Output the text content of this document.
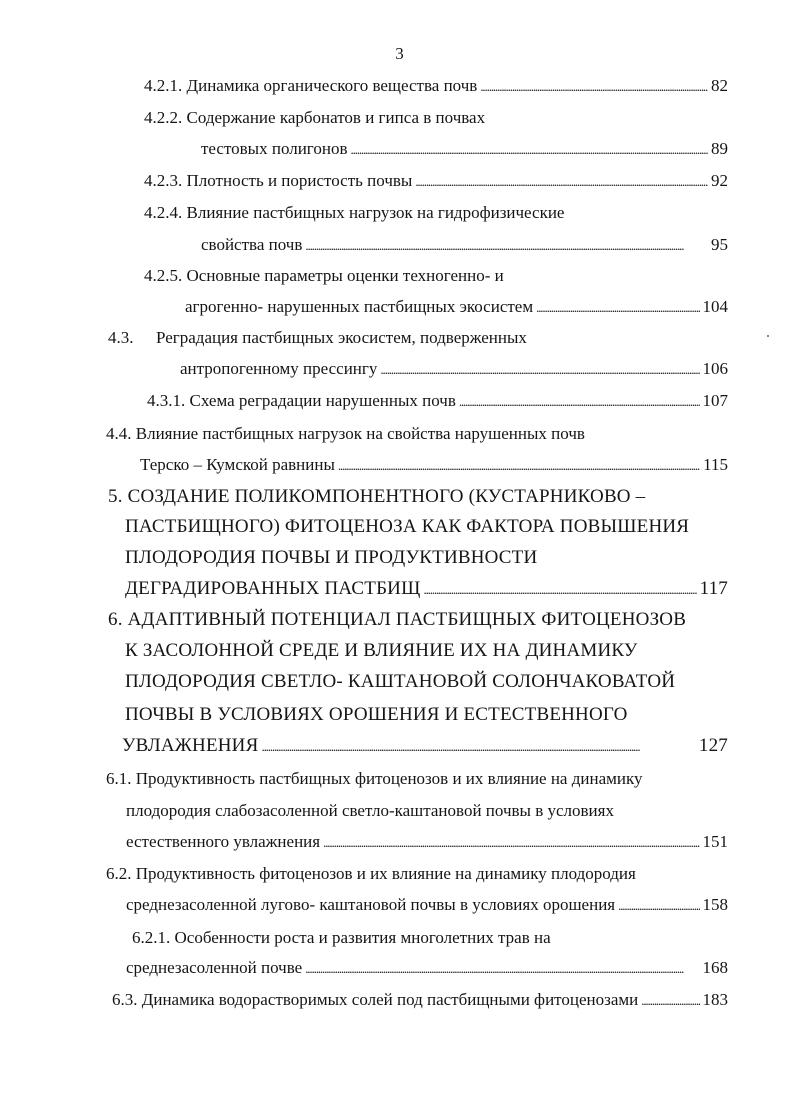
3
4.2.1. Динамика органического вещества почв . . .	82
4.2.2. Содержание карбонатов и гипса в почвах
тестовых полигонов . . .	89
4.2.3. Плотность и пористость почвы . . .	92
4.2.4. Влияние пастбищных нагрузок на гидрофизические
свойства почв . . .	95
4.2.5. Основные параметры оценки техногенно- и
агрогенно- нарушенных пастбищных экосистем . . .	104
4.3. Реградация пастбищных экосистем, подверженных
антропогенному прессингу . . .	106
4.3.1. Схема реградации нарушенных почв . . .	107
4.4. Влияние пастбищных нагрузок на свойства нарушенных почв
Терско – Кумской равнины . . .	115
5. СОЗДАНИЕ ПОЛИКОМПОНЕНТНОГО (КУСТАРНИКОВО –
ПАСТБИЩНОГО) ФИТОЦЕНОЗА КАК ФАКТОРА ПОВЫШЕНИЯ
ПЛОДОРОДИЯ ПОЧВЫ И ПРОДУКТИВНОСТИ
ДЕГРАДИРОВАННЫХ ПАСТБИЩ . . .	117
6. АДАПТИВНЫЙ ПОТЕНЦИАЛ ПАСТБИЩНЫХ ФИТОЦЕНОЗОВ
К ЗАСОЛОННОЙ СРЕДЕ И ВЛИЯНИЕ ИХ НА ДИНАМИКУ
ПЛОДОРОДИЯ СВЕТЛО- КАШТАНОВОЙ СОЛОНЧАКОВАТОЙ
ПОЧВЫ В УСЛОВИЯХ ОРОШЕНИЯ И ЕСТЕСТВЕННОГО
УВЛАЖНЕНИЯ . . .	127
6.1. Продуктивность пастбищных фитоценозов и их влияние на динамику
плодородия слабозасоленной светло-каштановой почвы в условиях
естественного увлажнения . . .	151
6.2. Продуктивность фитоценозов и их влияние на динамику плодородия
среднезасоленной лугово- каштановой почвы в условиях орошения . . .	158
6.2.1. Особенности роста и развития многолетних трав на
среднезасоленной почве . . .	168
6.3. Динамика водорастворимых солей под пастбищными фитоценозами . . .	183
